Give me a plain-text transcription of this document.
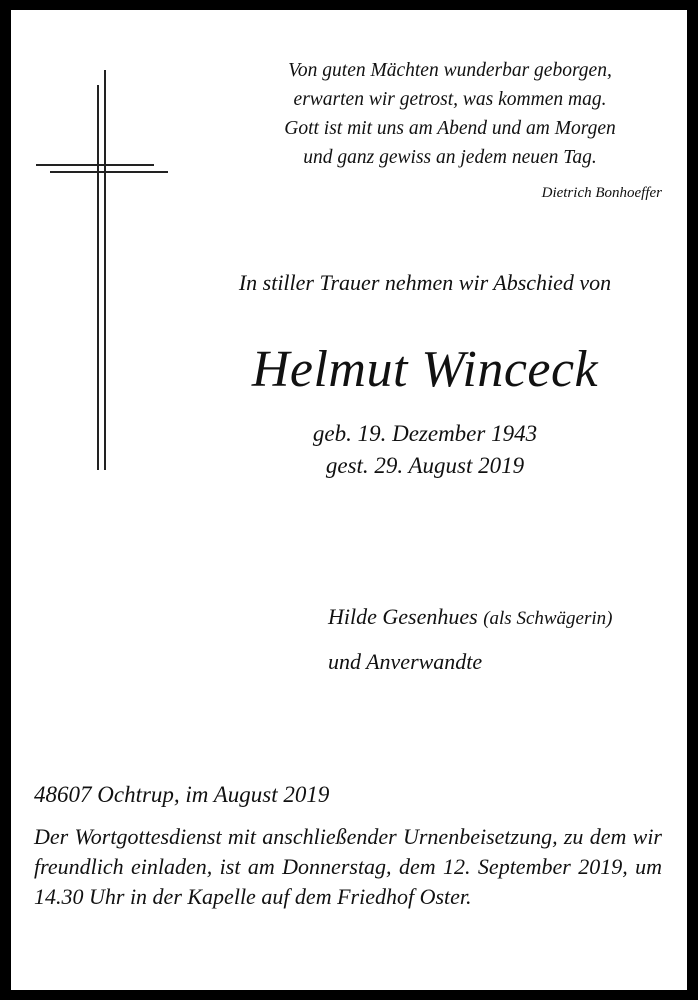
Von guten Mächten wunderbar geborgen,
erwarten wir getrost, was kommen mag.
Gott ist mit uns am Abend und am Morgen
und ganz gewiss an jedem neuen Tag.
Dietrich Bonhoeffer
In stiller Trauer nehmen wir Abschied von
Helmut Winceck
geb. 19. Dezember 1943
gest. 29. August 2019
Hilde Gesenhues (als Schwägerin)
und Anverwandte
48607 Ochtrup, im August 2019
Der Wortgottesdienst mit anschließender Urnenbeisetzung, zu dem wir freundlich einladen, ist am Donnerstag, dem 12. September 2019, um 14.30 Uhr in der Kapelle auf dem Friedhof Oster.
